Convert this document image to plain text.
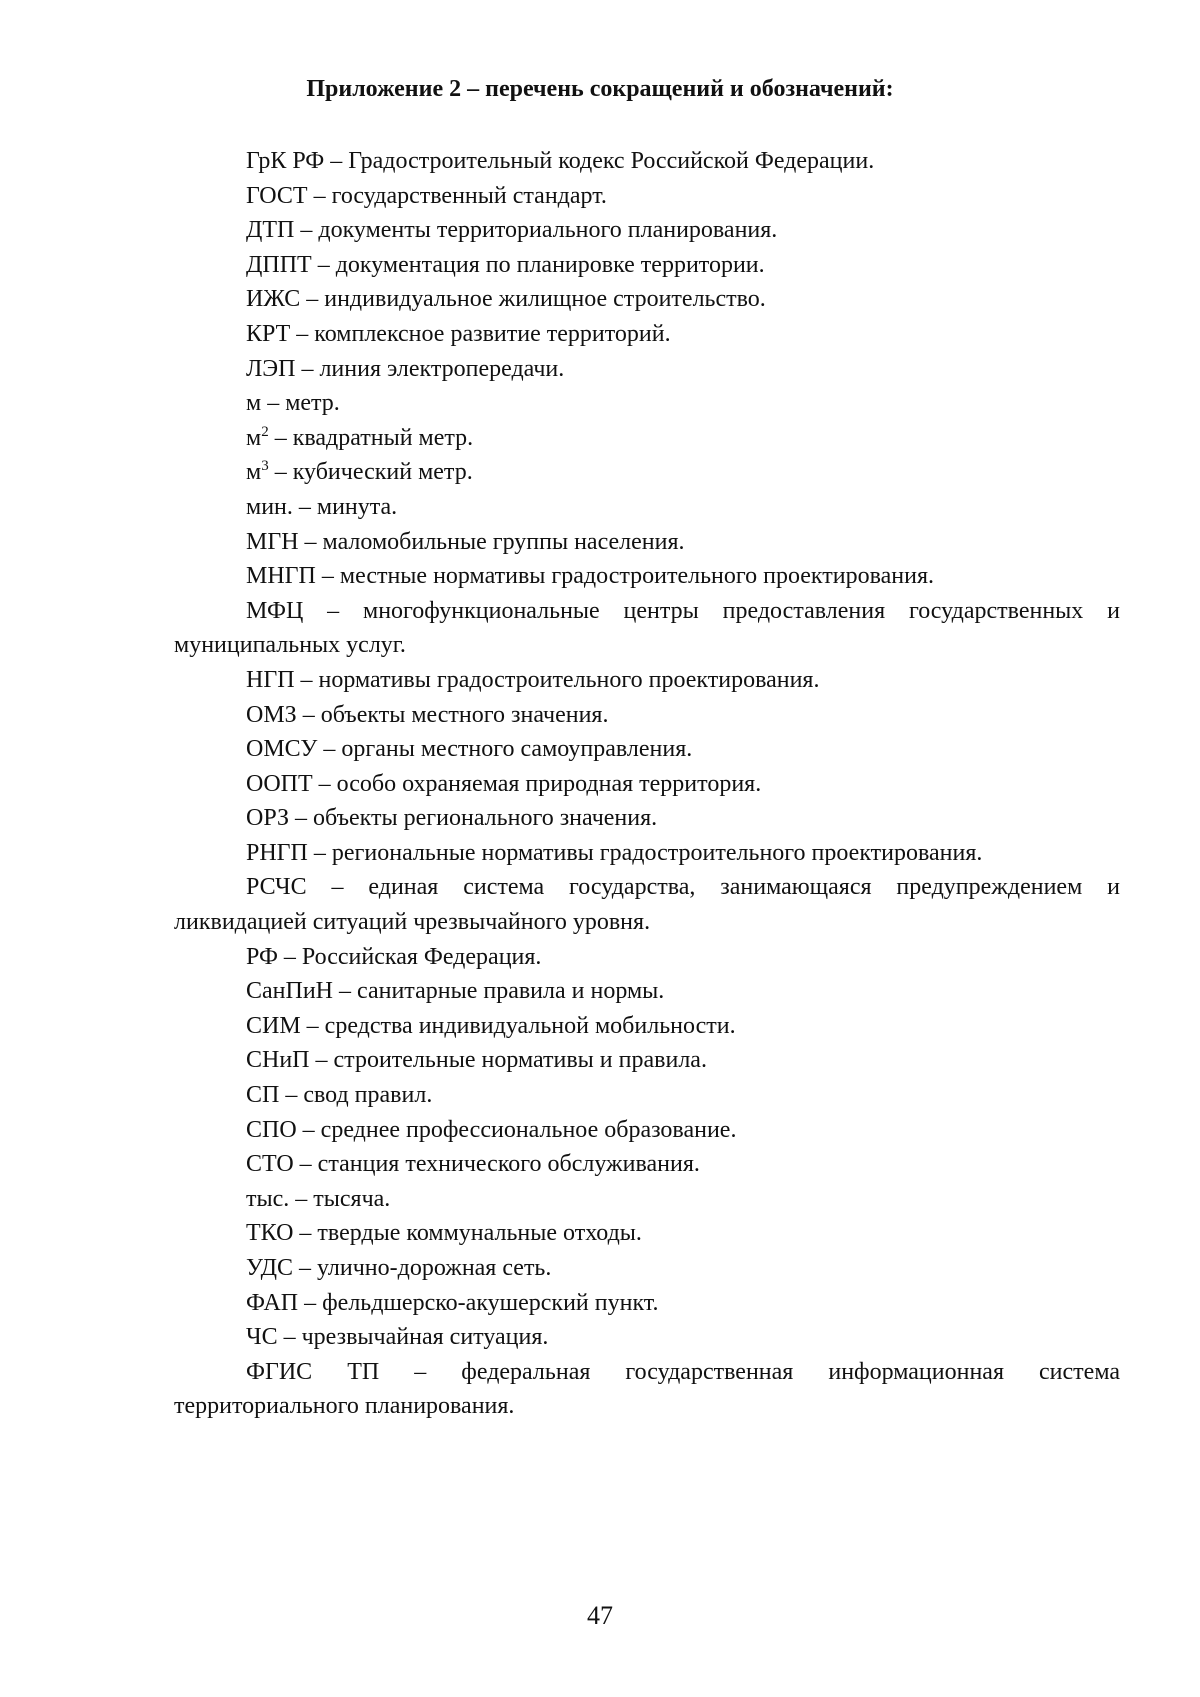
Приложение 2 – перечень сокращений и обозначений:
ГрК РФ – Градостроительный кодекс Российской Федерации.
ГОСТ – государственный стандарт.
ДТП – документы территориального планирования.
ДППТ – документация по планировке территории.
ИЖС – индивидуальное жилищное строительство.
КРТ – комплексное развитие территорий.
ЛЭП – линия электропередачи.
м – метр.
$м^2$ – квадратный метр.
$м^3$ – кубический метр.
мин. – минута.
МГН – маломобильные группы населения.
МНГП – местные нормативы градостроительного проектирования.
МФЦ – многофункциональные центры предоставления государственных и муниципальных услуг.
НГП – нормативы градостроительного проектирования.
ОМЗ – объекты местного значения.
ОМСУ – органы местного самоуправления.
ООПТ – особо охраняемая природная территория.
ОРЗ – объекты регионального значения.
РНГП – региональные нормативы градостроительного проектирования.
РСЧС – единая система государства, занимающаяся предупреждением и ликвидацией ситуаций чрезвычайного уровня.
РФ – Российская Федерация.
СанПиН – санитарные правила и нормы.
СИМ – средства индивидуальной мобильности.
СНиП – строительные нормативы и правила.
СП – свод правил.
СПО – среднее профессиональное образование.
СТО – станция технического обслуживания.
тыс. – тысяча.
ТКО – твердые коммунальные отходы.
УДС – улично-дорожная сеть.
ФАП – фельдшерско-акушерский пункт.
ЧС – чрезвычайная ситуация.
ФГИС ТП – федеральная государственная информационная система территориального планирования.
47
